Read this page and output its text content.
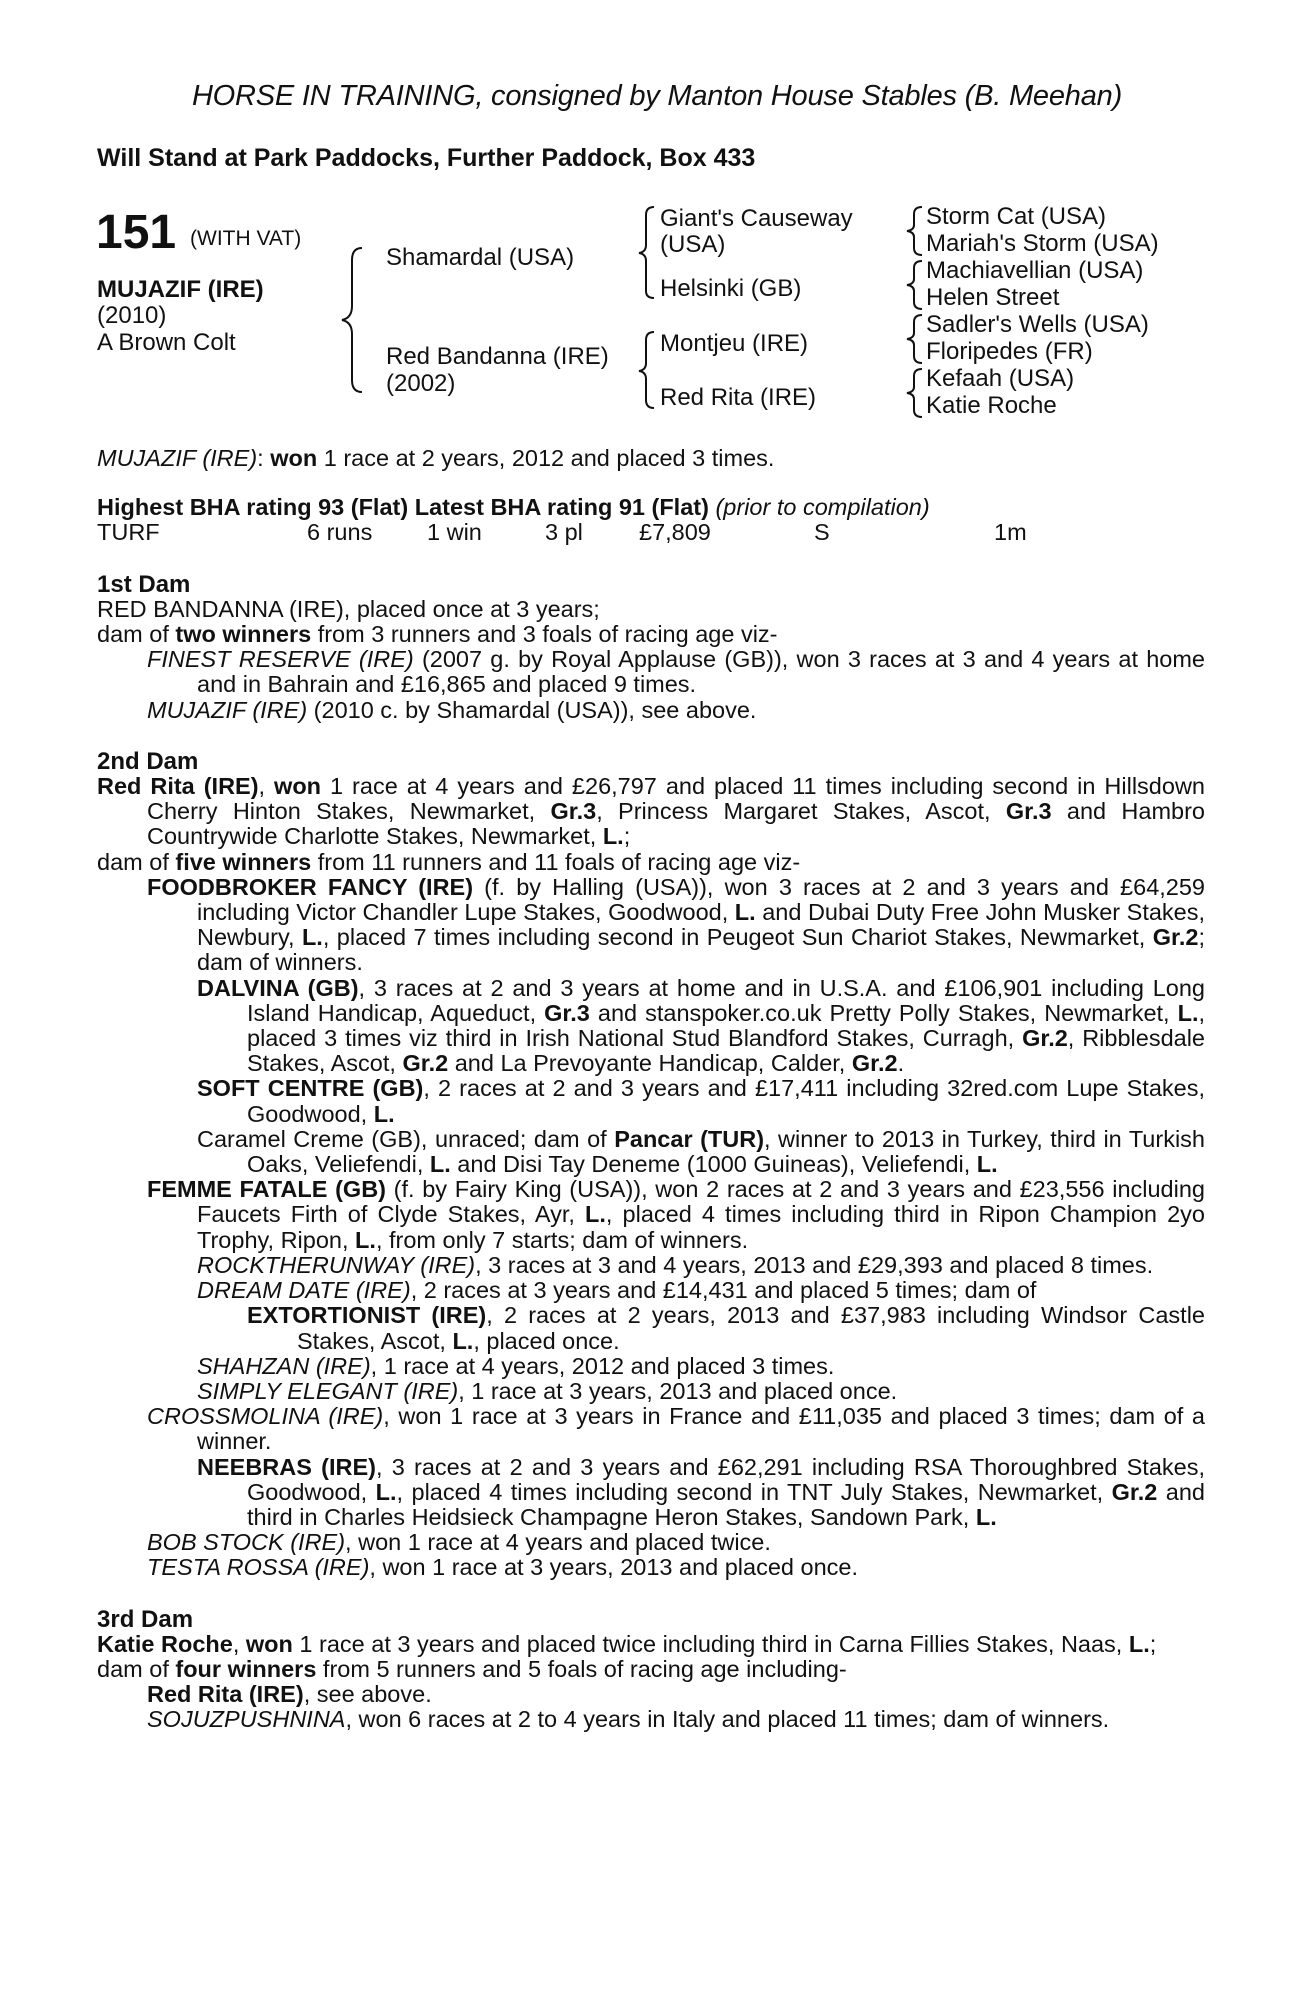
HORSE IN TRAINING, consigned by Manton House Stables (B. Meehan)
Will Stand at Park Paddocks, Further Paddock, Box 433
151 (WITH VAT)
MUJAZIF (IRE)
(2010)
A Brown Colt
Shamardal (USA)
Red Bandanna (IRE)
(2002)
Giant's Causeway
(USA)
Helsinki (GB)
Montjeu (IRE)
Red Rita (IRE)
Storm Cat (USA)
Mariah's Storm (USA)
Machiavellian (USA)
Helen Street
Sadler's Wells (USA)
Floripedes (FR)
Kefaah (USA)
Katie Roche

MUJAZIF (IRE): won 1 race at 2 years, 2012 and placed 3 times.

Highest BHA rating 93 (Flat) Latest BHA rating 91 (Flat) (prior to compilation)

TURF	6 runs	1 win	3 pl	£7,809	S	1m

1st Dam

RED BANDANNA (IRE), placed once at 3 years;

dam of two winners from 3 runners and 3 foals of racing age viz-

FINEST RESERVE (IRE) (2007 g. by Royal Applause (GB)), won 3 races at 3 and 4 years at home and in Bahrain and £16,865 and placed 9 times.

MUJAZIF (IRE) (2010 c. by Shamardal (USA)), see above.

2nd Dam

Red Rita (IRE), won 1 race at 4 years and £26,797 and placed 11 times including second in Hillsdown Cherry Hinton Stakes, Newmarket, Gr.3, Princess Margaret Stakes, Ascot, Gr.3 and Hambro Countrywide Charlotte Stakes, Newmarket, L.;

dam of five winners from 11 runners and 11 foals of racing age viz-

FOODBROKER FANCY (IRE) (f. by Halling (USA)), won 3 races at 2 and 3 years and £64,259 including Victor Chandler Lupe Stakes, Goodwood, L. and Dubai Duty Free John Musker Stakes, Newbury, L., placed 7 times including second in Peugeot Sun Chariot Stakes, Newmarket, Gr.2; dam of winners.

DALVINA (GB), 3 races at 2 and 3 years at home and in U.S.A. and £106,901 including Long Island Handicap, Aqueduct, Gr.3 and stanspoker.co.uk Pretty Polly Stakes, Newmarket, L., placed 3 times viz third in Irish National Stud Blandford Stakes, Curragh, Gr.2, Ribblesdale Stakes, Ascot, Gr.2 and La Prevoyante Handicap, Calder, Gr.2.

SOFT CENTRE (GB), 2 races at 2 and 3 years and £17,411 including 32red.com Lupe Stakes, Goodwood, L.

Caramel Creme (GB), unraced; dam of Pancar (TUR), winner to 2013 in Turkey, third in Turkish Oaks, Veliefendi, L. and Disi Tay Deneme (1000 Guineas), Veliefendi, L.

FEMME FATALE (GB) (f. by Fairy King (USA)), won 2 races at 2 and 3 years and £23,556 including Faucets Firth of Clyde Stakes, Ayr, L., placed 4 times including third in Ripon Champion 2yo Trophy, Ripon, L., from only 7 starts; dam of winners.

ROCKTHERUNWAY (IRE), 3 races at 3 and 4 years, 2013 and £29,393 and placed 8 times.

DREAM DATE (IRE), 2 races at 3 years and £14,431 and placed 5 times; dam of

EXTORTIONIST (IRE), 2 races at 2 years, 2013 and £37,983 including Windsor Castle Stakes, Ascot, L., placed once.

SHAHZAN (IRE), 1 race at 4 years, 2012 and placed 3 times.

SIMPLY ELEGANT (IRE), 1 race at 3 years, 2013 and placed once.

CROSSMOLINA (IRE), won 1 race at 3 years in France and £11,035 and placed 3 times; dam of a winner.

NEEBRAS (IRE), 3 races at 2 and 3 years and £62,291 including RSA Thoroughbred Stakes, Goodwood, L., placed 4 times including second in TNT July Stakes, Newmarket, Gr.2 and third in Charles Heidsieck Champagne Heron Stakes, Sandown Park, L.

BOB STOCK (IRE), won 1 race at 4 years and placed twice.

TESTA ROSSA (IRE), won 1 race at 3 years, 2013 and placed once.

3rd Dam

Katie Roche, won 1 race at 3 years and placed twice including third in Carna Fillies Stakes, Naas, L.;

dam of four winners from 5 runners and 5 foals of racing age including-

Red Rita (IRE), see above.

SOJUZPUSHNINA, won 6 races at 2 to 4 years in Italy and placed 11 times; dam of winners.
